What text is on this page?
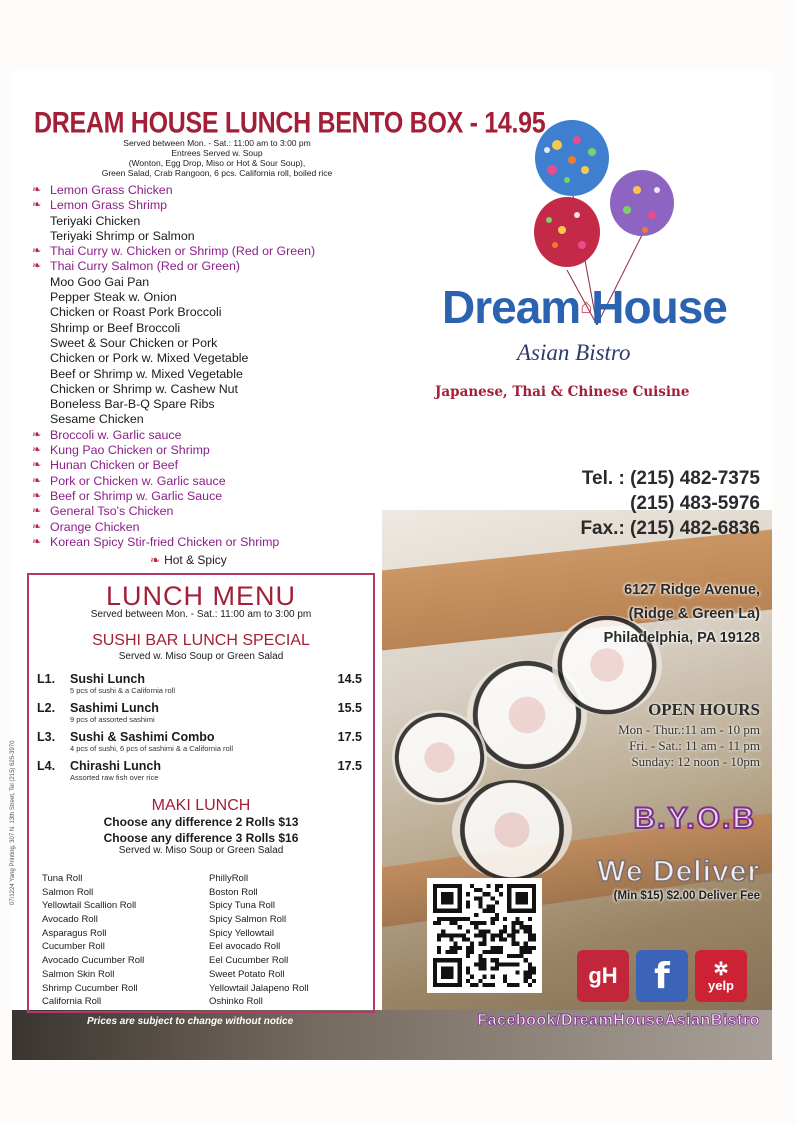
DREAM HOUSE LUNCH BENTO BOX - 14.95
Served between Mon. - Sat.: 11:00 am to 3:00 pm
Entrees Served w. Soup
(Wonton, Egg Drop, Miso or Hot & Sour Soup),
Green Salad, Crab Rangoon, 6 pcs. California roll, boiled rice
❧ Lemon Grass Chicken
❧ Lemon Grass Shrimp
Teriyaki Chicken
Teriyaki Shrimp or Salmon
❧ Thai Curry w. Chicken or Shrimp (Red or Green)
❧ Thai Curry Salmon (Red or Green)
Moo Goo Gai Pan
Pepper Steak w. Onion
Chicken or Roast Pork Broccoli
Shrimp or Beef Broccoli
Sweet & Sour Chicken or Pork
Chicken or Pork w. Mixed Vegetable
Beef or Shrimp w. Mixed Vegetable
Chicken or Shrimp w. Cashew Nut
Boneless Bar-B-Q Spare Ribs
Sesame Chicken
❧ Broccoli w. Garlic sauce
❧ Kung Pao Chicken or Shrimp
❧ Hunan Chicken or Beef
❧ Pork or Chicken w. Garlic sauce
❧ Beef or Shrimp w. Garlic Sauce
❧ General Tso's Chicken
❧ Orange Chicken
❧ Korean Spicy Stir-fried Chicken or Shrimp
❧ Hot & Spicy
LUNCH MENU
Served between Mon. - Sat.: 11:00 am to 3:00 pm
SUSHI BAR LUNCH SPECIAL
Served w. Miso Soup or Green Salad
L1. Sushi Lunch
5 pcs of sushi & a California roll
14.5
L2. Sashimi Lunch
9 pcs of assorted sashimi
15.5
L3. Sushi & Sashimi Combo
4 pcs of sushi, 6 pcs of sashimi & a California roll
17.5
L4. Chirashi Lunch
Assorted raw fish over rice
17.5
MAKI LUNCH
Choose any difference 2 Rolls $13
Choose any difference 3 Rolls $16
Served w. Miso Soup or Green Salad
Tuna Roll
Salmon Roll
Yellowtail Scallion Roll
Avocado Roll
Asparagus Roll
Cucumber Roll
Avocado Cucumber Roll
Salmon Skin Roll
Shrimp Cucumber Roll
California Roll
PhillyRoll
Boston Roll
Spicy Tuna Roll
Spicy Salmon Roll
Spicy Yellowtail
Eel avocado Roll
Eel Cucumber Roll
Sweet Potato Roll
Yellowtail Jalapeno Roll
Oshinko Roll
07/1224 Yang Printing, 307 N. 13th Street, Tel (215) 625-3970
Prices are subject to change without notice
Dream⌂House
Asian Bistro
Japanese, Thai & Chinese Cuisine
Tel. : (215) 482-7375
(215) 483-5976
Fax.: (215) 482-6836
6127 Ridge Avenue,
(Ridge & Green La)
Philadelphia, PA 19128
OPEN HOURS
Mon - Thur.:11 am - 10 pm
Fri. - Sat.: 11 am - 11 pm
Sunday: 12 noon - 10pm
B.Y.O.B
We Deliver
(Min $15) $2.00 Deliver Fee
gH	f	✲
yelp
Facebook/DreamHouseAsianBistro
